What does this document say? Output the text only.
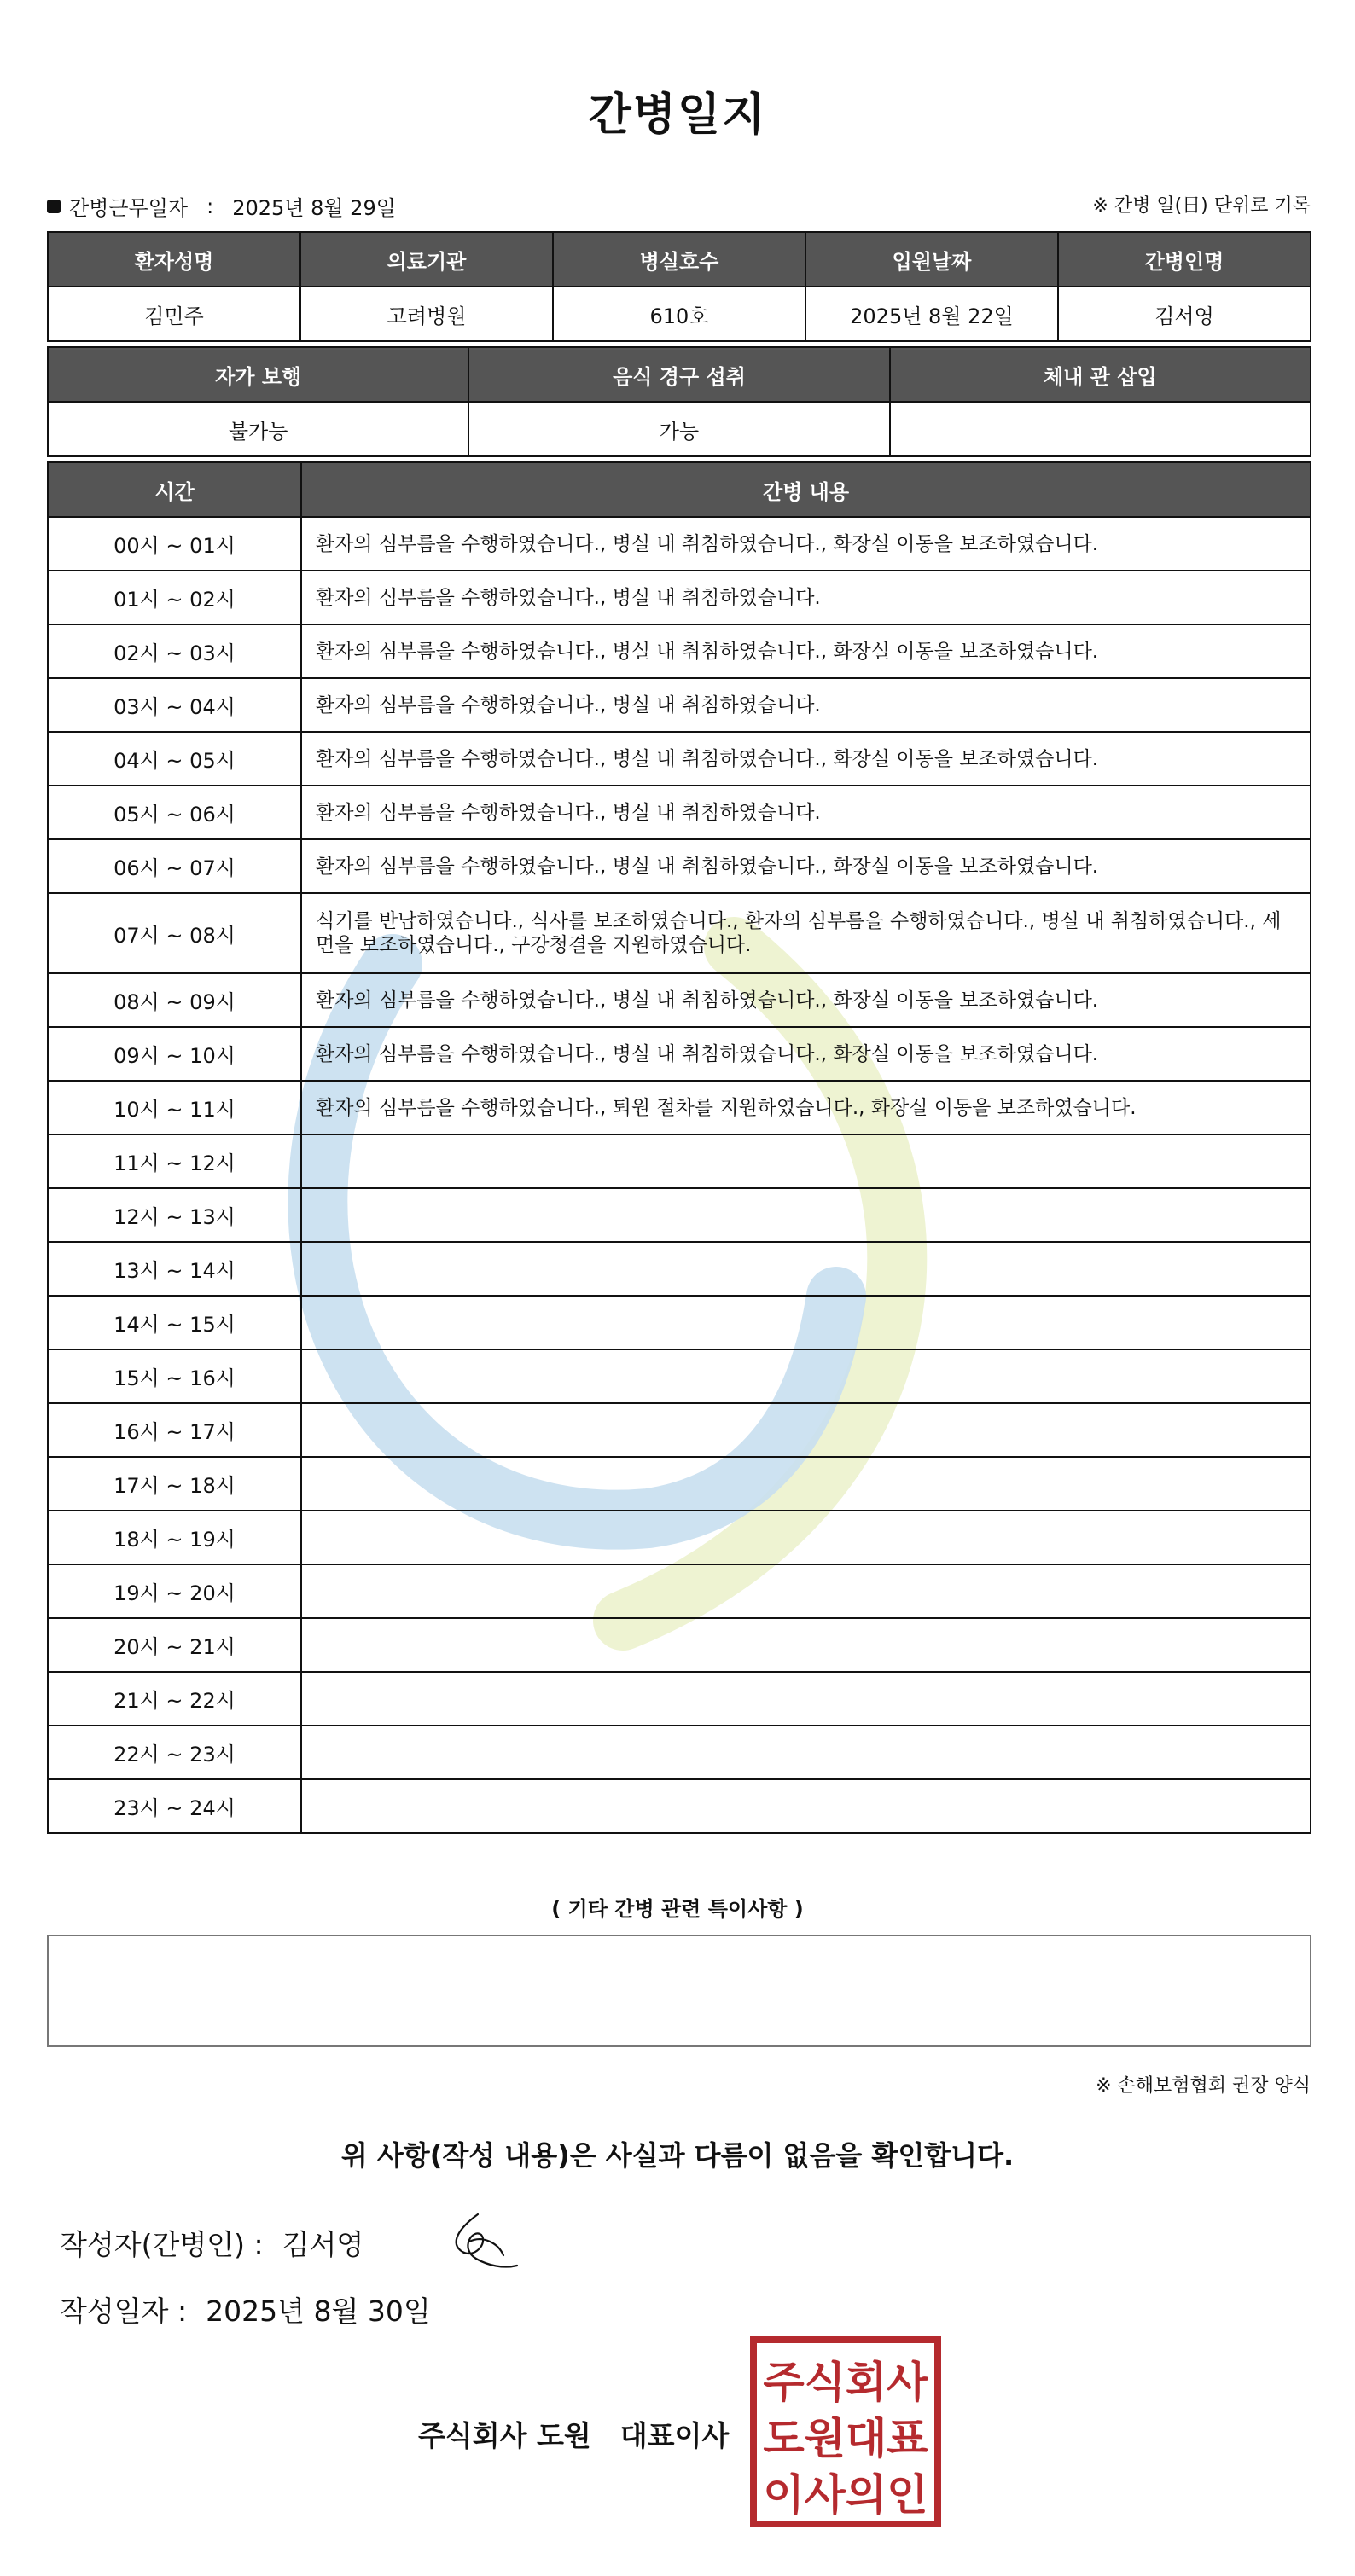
간병일지
간병근무일자 : 2025년 8월 29일	※ 간병 일(日) 단위로 기록
환자성명	의료기관	병실호수	입원날짜	간병인명
김민주	고려병원	610호	2025년 8월 22일	김서영
자가 보행	음식 경구 섭취	체내 관 삽입
불가능	가능	
시간	간병 내용
00시 ~ 01시	환자의 심부름을 수행하였습니다., 병실 내 취침하였습니다., 화장실 이동을 보조하였습니다.
01시 ~ 02시	환자의 심부름을 수행하였습니다., 병실 내 취침하였습니다.
02시 ~ 03시	환자의 심부름을 수행하였습니다., 병실 내 취침하였습니다., 화장실 이동을 보조하였습니다.
03시 ~ 04시	환자의 심부름을 수행하였습니다., 병실 내 취침하였습니다.
04시 ~ 05시	환자의 심부름을 수행하였습니다., 병실 내 취침하였습니다., 화장실 이동을 보조하였습니다.
05시 ~ 06시	환자의 심부름을 수행하였습니다., 병실 내 취침하였습니다.
06시 ~ 07시	환자의 심부름을 수행하였습니다., 병실 내 취침하였습니다., 화장실 이동을 보조하였습니다.
07시 ~ 08시	식기를 반납하였습니다., 식사를 보조하였습니다., 환자의 심부름을 수행하였습니다., 병실 내 취침하였습니다., 세면을 보조하였습니다., 구강청결을 지원하였습니다.
08시 ~ 09시	환자의 심부름을 수행하였습니다., 병실 내 취침하였습니다., 화장실 이동을 보조하였습니다.
09시 ~ 10시	환자의 심부름을 수행하였습니다., 병실 내 취침하였습니다., 화장실 이동을 보조하였습니다.
10시 ~ 11시	환자의 심부름을 수행하였습니다., 퇴원 절차를 지원하였습니다., 화장실 이동을 보조하였습니다.
11시 ~ 12시	
12시 ~ 13시	
13시 ~ 14시	
14시 ~ 15시	
15시 ~ 16시	
16시 ~ 17시	
17시 ~ 18시	
18시 ~ 19시	
19시 ~ 20시	
20시 ~ 21시	
21시 ~ 22시	
22시 ~ 23시	
23시 ~ 24시	
( 기타 간병 관련 특이사항 )
※ 손해보험협회 권장 양식
위 사항(작성 내용)은 사실과 다름이 없음을 확인합니다.
작성자(간병인) : 김서영
작성일자 : 2025년 8월 30일
주식회사 도원 대표이사
주식회사
도원대표
이사의인
